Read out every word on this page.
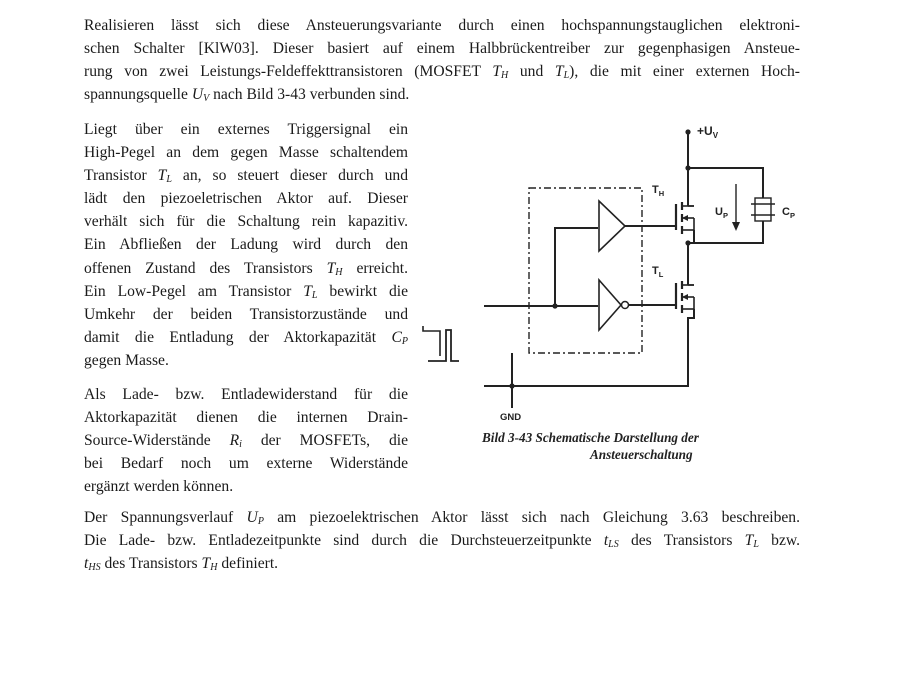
Realisieren lässt sich diese Ansteuerungsvariante durch einen hochspannungstauglichen elektroni-
schen Schalter [KlW03]. Dieser basiert auf einem Halbbrückentreiber zur gegenphasigen Ansteue-
rung von zwei Leistungs-Feldeffekttransistoren (MOSFET $T_H$ und $T_L$), die mit einer externen Hoch-
spannungsquelle $U_V$ nach Bild 3-43 verbunden sind.
Liegt über ein externes Triggersignal ein
High-Pegel an dem gegen Masse schaltendem
Transistor $T_L$ an, so steuert dieser durch und
lädt den piezoeletrischen Aktor auf. Dieser
verhält sich für die Schaltung rein kapazitiv.
Ein Abfließen der Ladung wird durch den
offenen Zustand des Transistors $T_H$ erreicht.
Ein Low-Pegel am Transistor $T_L$ bewirkt die
Umkehr der beiden Transistorzustände und
damit die Entladung der Aktorkapazität $C_P$
gegen Masse.
Als Lade- bzw. Entladewiderstand für die
Aktorkapazität dienen die internen Drain-
Source-Widerstände $R_i$ der MOSFETs, die
bei Bedarf noch um externe Widerstände
ergänzt werden können.
Der Spannungsverlauf $U_P$ am piezoelektrischen Aktor lässt sich nach Gleichung 3.63 beschreiben.
Die Lade- bzw. Entladezeitpunkte sind durch die Durchsteuerzeitpunkte $t_{LS}$ des Transistors $T_L$ bzw.
$t_{HS}$ des Transistors $T_H$ definiert.
$+U_V$
$T_H$
$T_L$
$U_P$	$C_P$
GND
Bild 3-43 Schematische Darstellung der
Ansteuerschaltung
